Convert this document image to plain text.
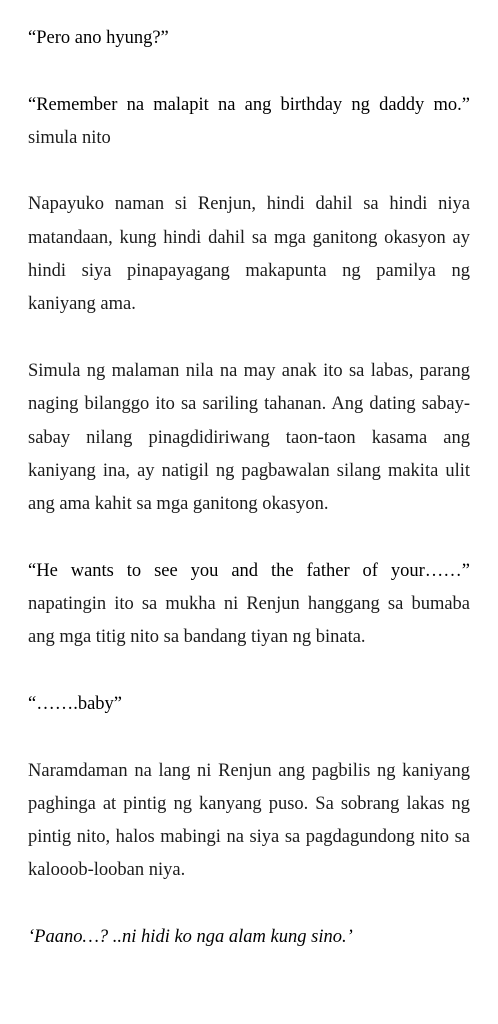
“Pero ano hyung?”

“Remember na malapit na ang birthday ng daddy mo.”
simula nito

Napayuko naman si Renjun, hindi dahil sa hindi niya matandaan, kung hindi dahil sa mga ganitong okasyon ay hindi siya pinapayagang makapunta ng pamilya ng kaniyang ama.

Simula ng malaman nila na may anak ito sa labas, parang naging bilanggo ito sa sariling tahanan. Ang dating sabay-sabay nilang pinagdidiriwang taon-taon kasama ang kaniyang ina, ay natigil ng pagbawalan silang makita ulit ang ama kahit sa mga ganitong okasyon.

“He wants to see you and the father of your……”
napatingin ito sa mukha ni Renjun hanggang sa bumaba ang mga titig nito sa bandang tiyan ng binata.

“…….baby”

Naramdaman na lang ni Renjun ang pagbilis ng kaniyang paghinga at pintig ng kanyang puso. Sa sobrang lakas ng pintig nito, halos mabingi na siya sa pagdagundong nito sa kalooob-looban niya.

‘Paano…? ..ni hidi ko nga alam kung sino.’
